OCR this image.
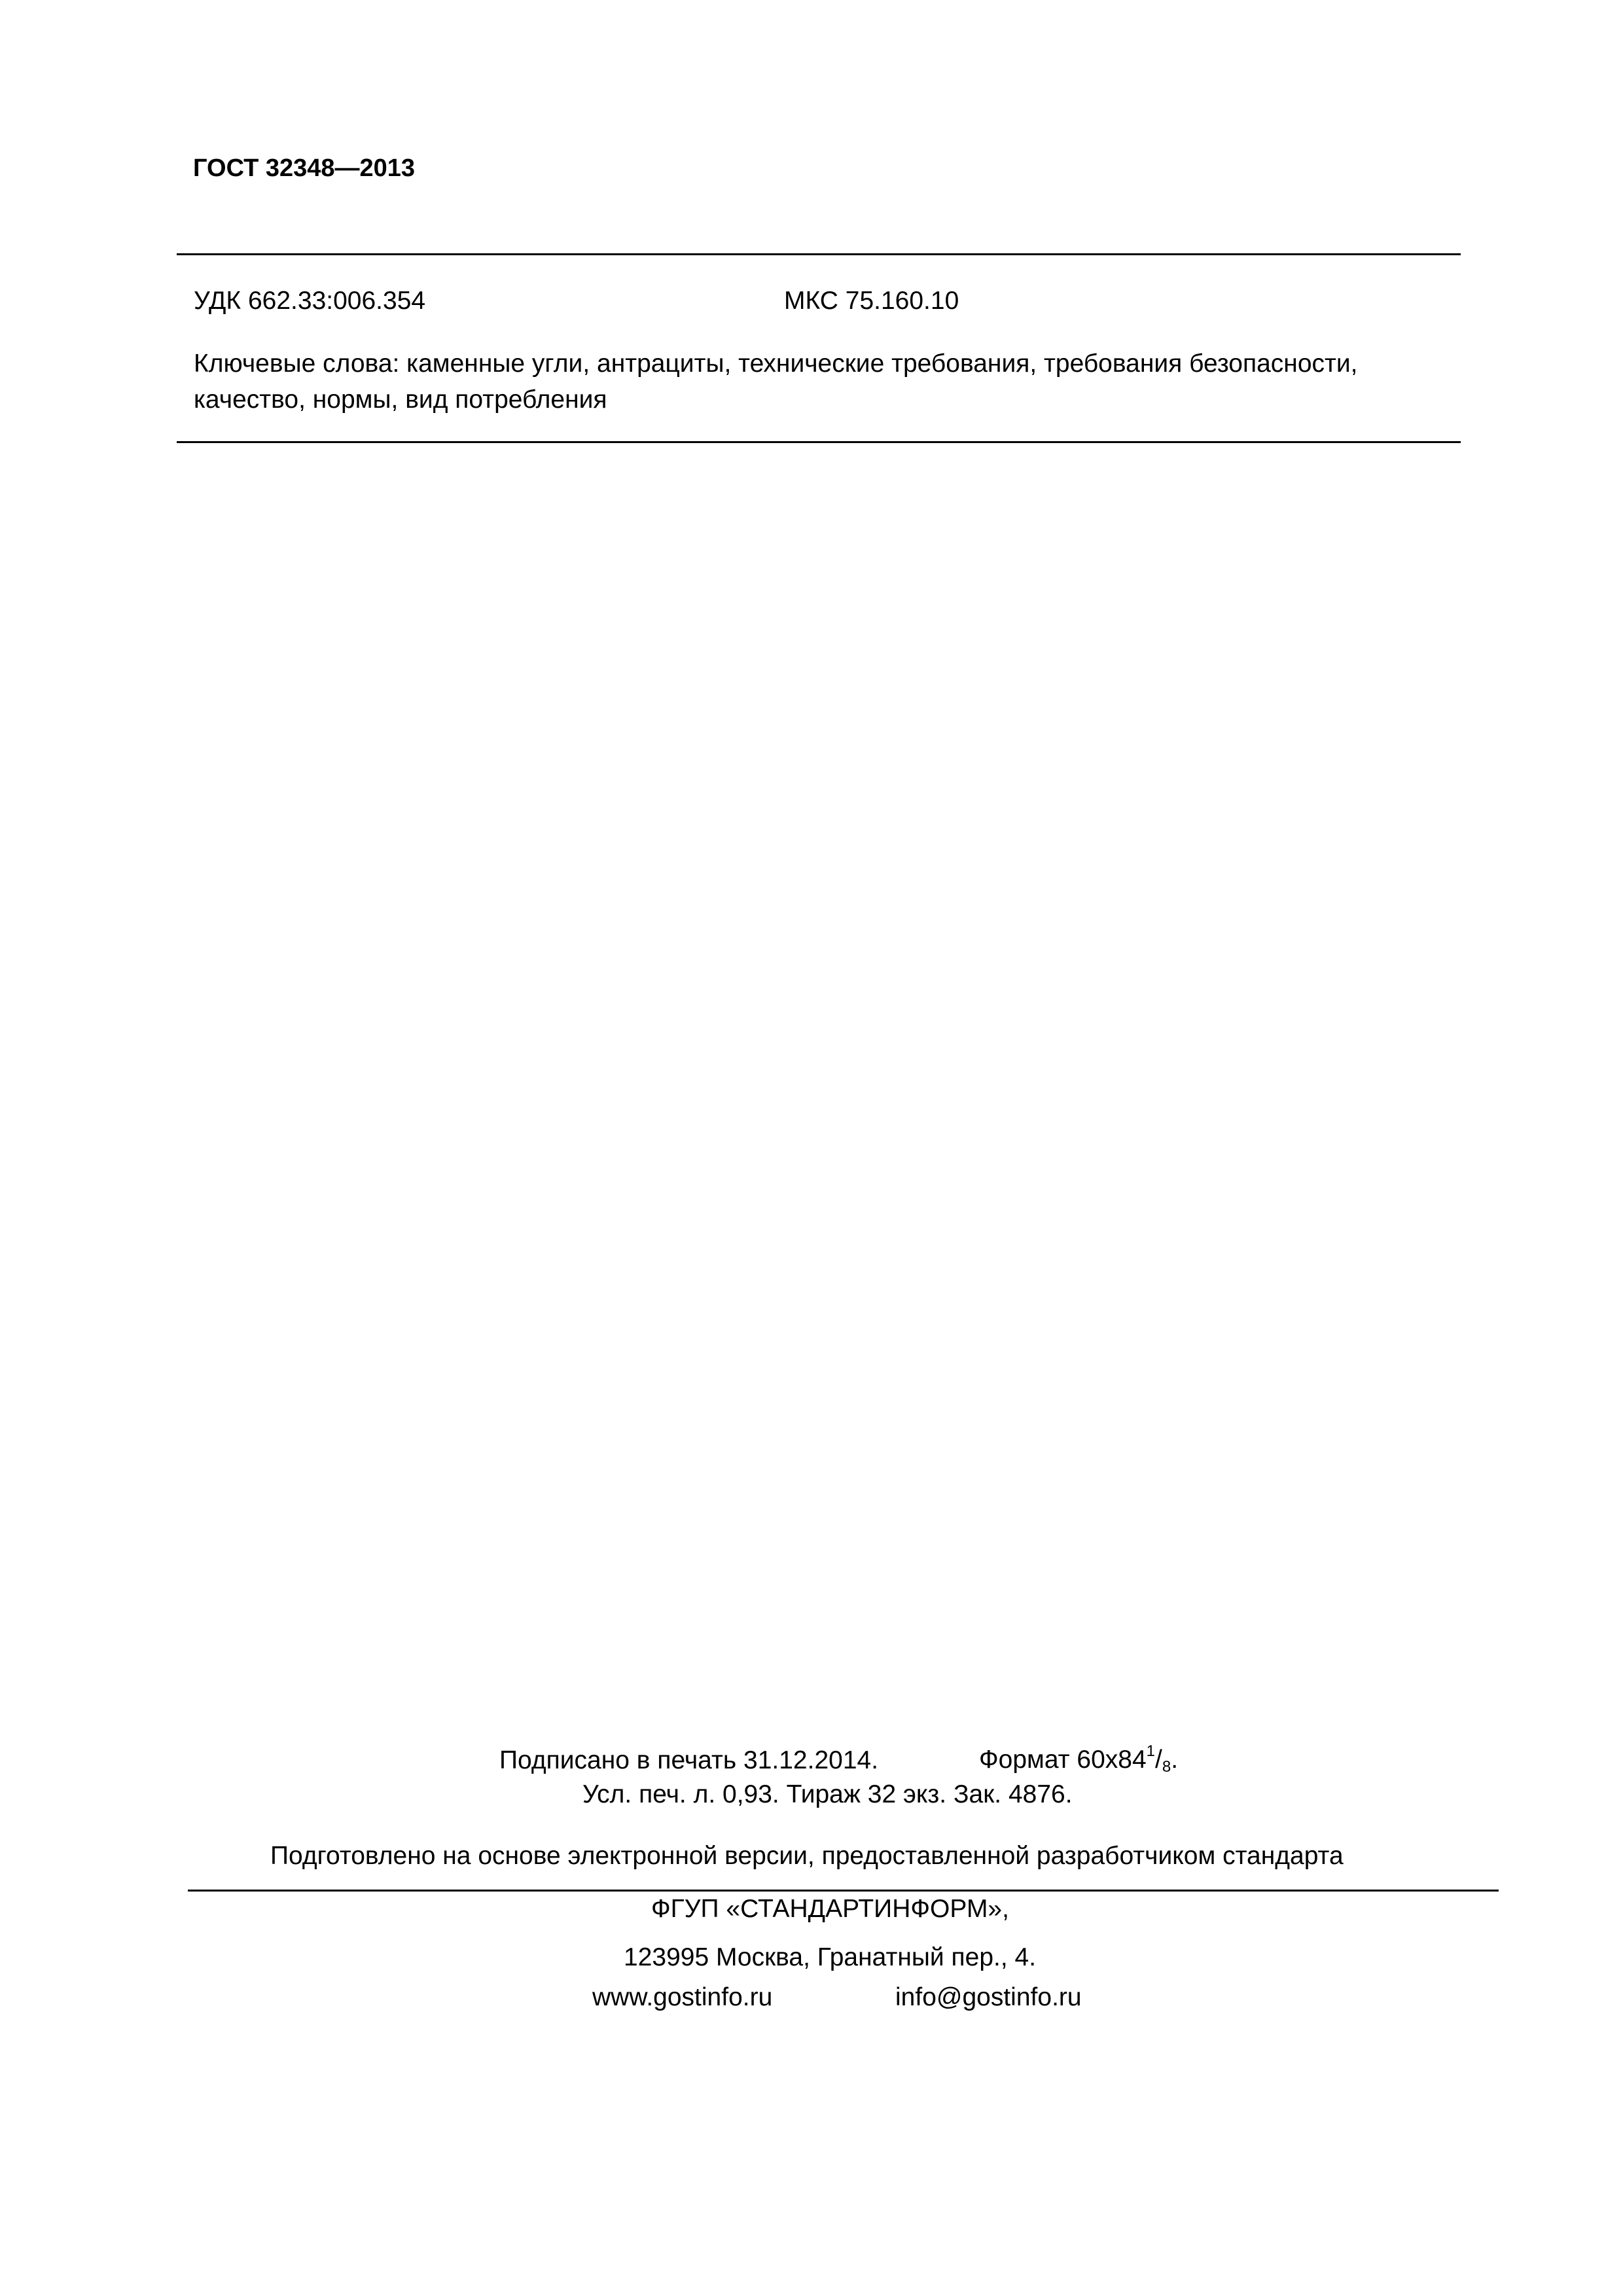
ГОСТ 32348—2013
УДК 662.33:006.354	МКС 75.160.10
Ключевые слова: каменные угли, антрациты, технические требования, требования безопасности, качество, нормы, вид потребления
Подписано в печать 31.12.2014.	Формат $60x84^1/_8$.
Усл. печ. л. 0,93. Тираж 32 экз. Зак. 4876.
Подготовлено на основе электронной версии, предоставленной разработчиком стандарта
ФГУП «СТАНДАРТИНФОРМ»,
123995 Москва, Гранатный пер., 4.
www.gostinfo.ru	info@gostinfo.ru
